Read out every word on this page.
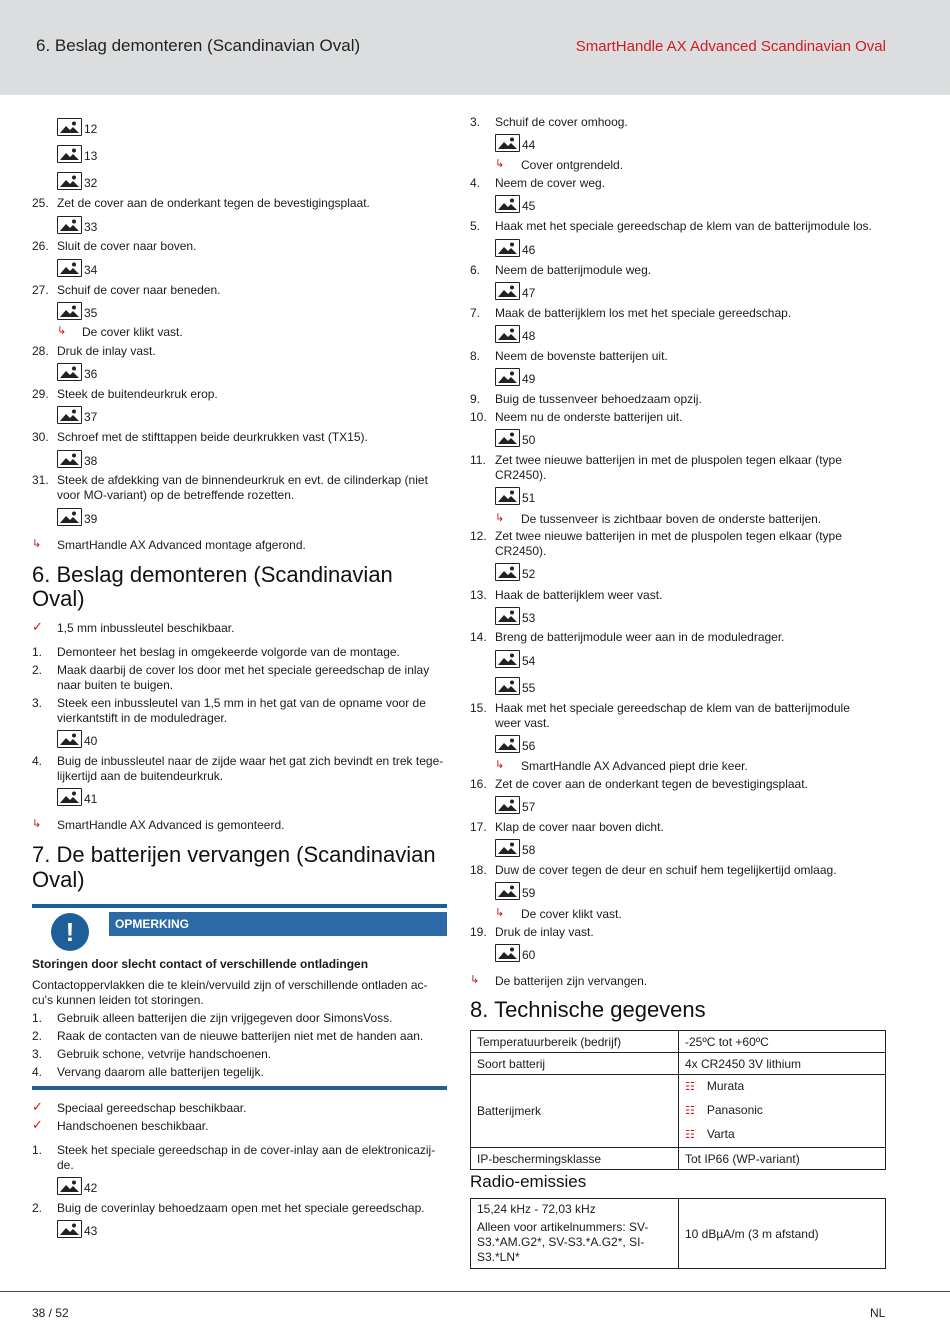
6. Beslag demonteren (Scandinavian Oval)	SmartHandle AX Advanced Scandinavian Oval
12
13
32
25. Zet de cover aan de onderkant tegen de bevestigingsplaat.
33
26. Sluit de cover naar boven.
34
27. Schuif de cover naar beneden.
35
↳ De cover klikt vast.
28. Druk de inlay vast.
36
29. Steek de buitendeurkruk erop.
37
30. Schroef met de stifttappen beide deurkrukken vast (TX15).
38
31. Steek de afdekking van de binnendeurkruk en evt. de cilinderkap (niet
voor MO-variant) op de betreffende rozetten.
39
↳ SmartHandle AX Advanced montage afgerond.
6. Beslag demonteren (Scandinavian
Oval)
✓ 1,5 mm inbussleutel beschikbaar.
1. Demonteer het beslag in omgekeerde volgorde van de montage.
2. Maak daarbij de cover los door met het speciale gereedschap de inlay
naar buiten te buigen.
3. Steek een inbussleutel van 1,5 mm in het gat van de opname voor de
vierkantstift in de moduledrager.
40
4. Buig de inbussleutel naar de zijde waar het gat zich bevindt en trek tege-
lijkertijd aan de buitendeurkruk.
41
↳ SmartHandle AX Advanced is gemonteerd.
7. De batterijen vervangen (Scandinavian
Oval)
!	OPMERKING
Storingen door slecht contact of verschillende ontladingen
Contactoppervlakken die te klein/vervuild zijn of verschillende ontladen ac-
cu's kunnen leiden tot storingen.
1. Gebruik alleen batterijen die zijn vrijgegeven door SimonsVoss.
2. Raak de contacten van de nieuwe batterijen niet met de handen aan.
3. Gebruik schone, vetvrije handschoenen.
4. Vervang daarom alle batterijen tegelijk.
✓ Speciaal gereedschap beschikbaar.
✓ Handschoenen beschikbaar.
1. Steek het speciale gereedschap in de cover-inlay aan de elektronicazij-
de.
42
2. Buig de coverinlay behoedzaam open met het speciale gereedschap.
43
3. Schuif de cover omhoog.
44
↳ Cover ontgrendeld.
4. Neem de cover weg.
45
5. Haak met het speciale gereedschap de klem van de batterijmodule los.
46
6. Neem de batterijmodule weg.
47
7. Maak de batterijklem los met het speciale gereedschap.
48
8. Neem de bovenste batterijen uit.
49
9. Buig de tussenveer behoedzaam opzij.
10. Neem nu de onderste batterijen uit.
50
11. Zet twee nieuwe batterijen in met de pluspolen tegen elkaar (type
CR2450).
51
↳ De tussenveer is zichtbaar boven de onderste batterijen.
12. Zet twee nieuwe batterijen in met de pluspolen tegen elkaar (type
CR2450).
52
13. Haak de batterijklem weer vast.
53
14. Breng de batterijmodule weer aan in de moduledrager.
54
55
15. Haak met het speciale gereedschap de klem van de batterijmodule
weer vast.
56
↳ SmartHandle AX Advanced piept drie keer.
16. Zet de cover aan de onderkant tegen de bevestigingsplaat.
57
17. Klap de cover naar boven dicht.
58
18. Duw de cover tegen de deur en schuif hem tegelijkertijd omlaag.
59
↳ De cover klikt vast.
19. Druk de inlay vast.
60
↳ De batterijen zijn vervangen.
8. Technische gegevens
Temperatuurbereik (bedrijf)	-25ºC tot +60ºC
Soort batterij	4x CR2450 3V lithium
Batterijmerk	☷ Murata
☷ Panasonic
☷ Varta

IP-beschermingsklasse	Tot IP66 (WP-variant)
Radio-emissies
15,24 kHz - 72,03 kHz
Alleen voor artikelnummers: SV-
S3.*AM.G2*, SV-S3.*A.G2*, SI-
S3.*LN*
	10 dBµA/m (3 m afstand)
38 / 52	NL
